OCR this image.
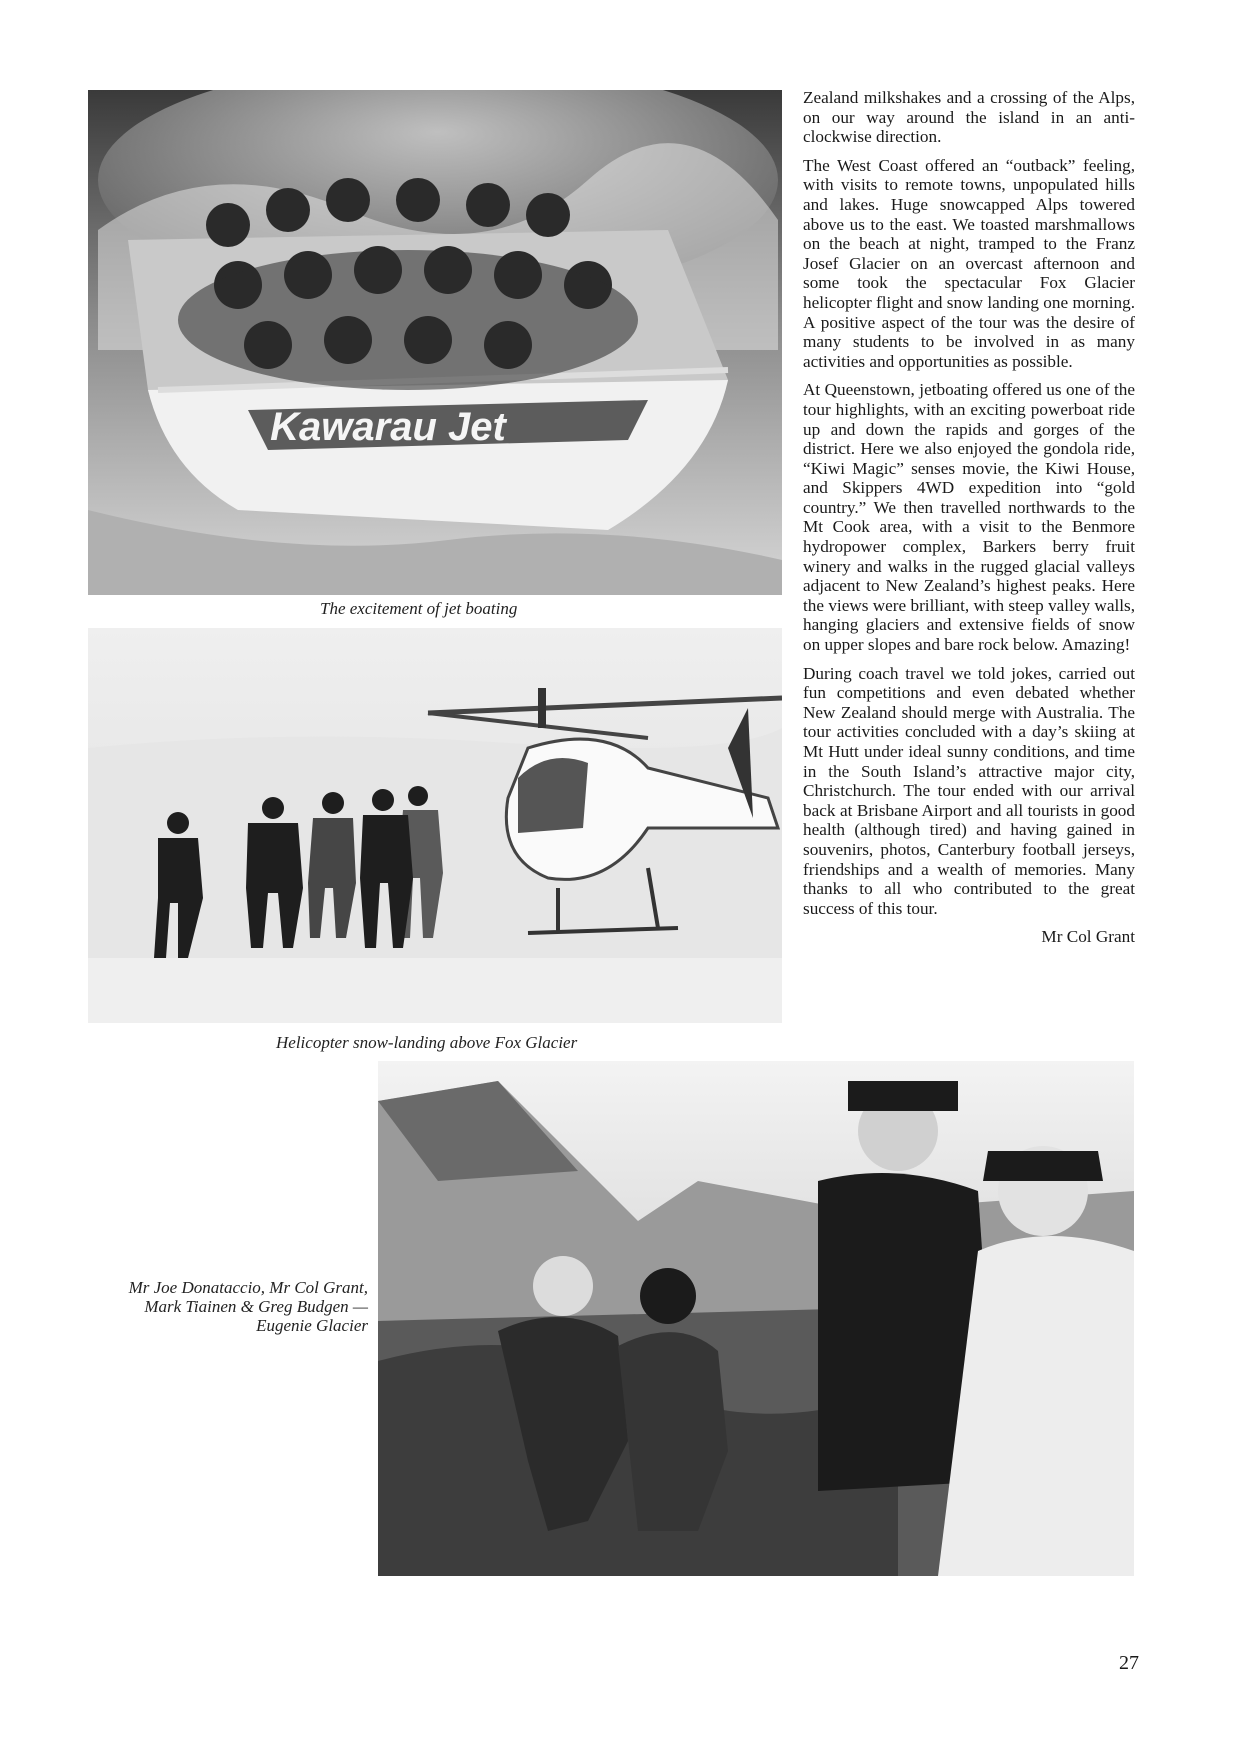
Kawarau Jet
The excitement of jet boating
Helicopter snow-landing above Fox Glacier
Mr Joe Donataccio, Mr Col Grant,
Mark Tiainen & Greg Budgen —
Eugenie Glacier

Zealand milkshakes and a crossing of the Alps, on our way around the island in an anti-clockwise direction.

The West Coast offered an “outback” feeling, with visits to remote towns, unpopulated hills and lakes. Huge snowcapped Alps towered above us to the east. We toasted marshmallows on the beach at night, tramped to the Franz Josef Glacier on an overcast afternoon and some took the spectacular Fox Glacier helicopter flight and snow landing one morning. A positive aspect of the tour was the desire of many students to be involved in as many activities and opportunities as possible.

At Queenstown, jetboating offered us one of the tour highlights, with an exciting powerboat ride up and down the rapids and gorges of the district. Here we also enjoyed the gondola ride, “Kiwi Magic” senses movie, the Kiwi House, and Skippers 4WD expedition into “gold country.” We then travelled northwards to the Mt Cook area, with a visit to the Benmore hydropower complex, Barkers berry fruit winery and walks in the rugged glacial valleys adjacent to New Zealand’s highest peaks. Here the views were brilliant, with steep valley walls, hanging glaciers and extensive fields of snow on upper slopes and bare rock below. Amazing!

During coach travel we told jokes, carried out fun competitions and even debated whether New Zealand should merge with Australia. The tour activities concluded with a day’s skiing at Mt Hutt under ideal sunny conditions, and time in the South Island’s attractive major city, Christchurch. The tour ended with our arrival back at Brisbane Airport and all tourists in good health (although tired) and having gained in souvenirs, photos, Canterbury football jerseys, friendships and a wealth of memories. Many thanks to all who contributed to the great success of this tour.

Mr Col Grant
27
